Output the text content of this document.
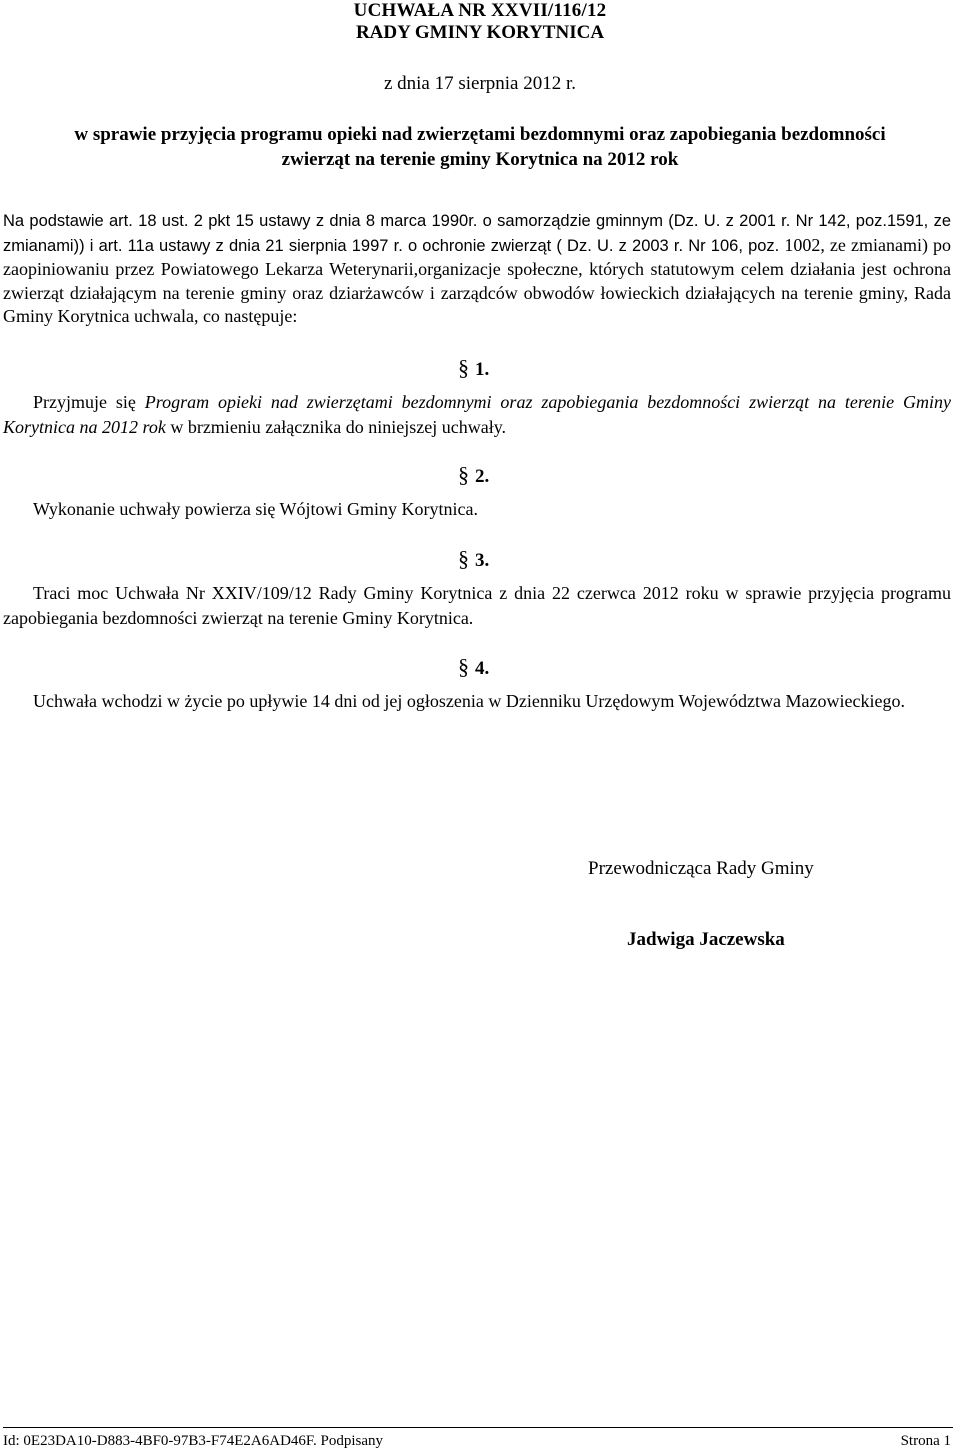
UCHWAŁA NR XXVII/116/12
RADY GMINY KORYTNICA
z dnia 17 sierpnia 2012 r.
w sprawie przyjęcia programu opieki nad zwierzętami bezdomnymi oraz zapobiegania bezdomności zwierząt na terenie gminy Korytnica na 2012 rok

Na podstawie art. 18 ust. 2 pkt 15 ustawy z dnia 8 marca 1990r. o samorządzie gminnym (Dz. U. z 2001 r. Nr 142, poz.1591, ze zmianami)) i art. 11a ustawy z dnia 21 sierpnia 1997 r. o ochronie zwierząt ( Dz. U. z 2003 r. Nr 106, poz. 1002, ze zmianami) po zaopiniowaniu przez Powiatowego Lekarza Weterynarii,organizacje społeczne, których statutowym celem działania jest ochrona zwierząt działającym na terenie gminy oraz dziarżawców i zarządców obwodów łowieckich działających na terenie gminy, Rada Gminy Korytnica uchwala, co następuje:

§ 1.

Przyjmuje się Program opieki nad zwierzętami bezdomnymi oraz zapobiegania bezdomności zwierząt na terenie Gminy Korytnica na 2012 rok w brzmieniu załącznika do niniejszej uchwały.

§ 2.

Wykonanie uchwały powierza się Wójtowi Gminy Korytnica.

§ 3.

Traci moc Uchwała Nr XXIV/109/12 Rady Gminy Korytnica z dnia 22 czerwca 2012 roku w sprawie przyjęcia programu zapobiegania bezdomności zwierząt na terenie Gminy Korytnica.

§ 4.

Uchwała wchodzi w życie po upływie 14 dni od jej ogłoszenia w Dzienniku Urzędowym Województwa Mazowieckiego.

Przewodnicząca Rady Gminy
Jadwiga Jaczewska
Id: 0E23DA10-D883-4BF0-97B3-F74E2A6AD46F. Podpisany	Strona 1
